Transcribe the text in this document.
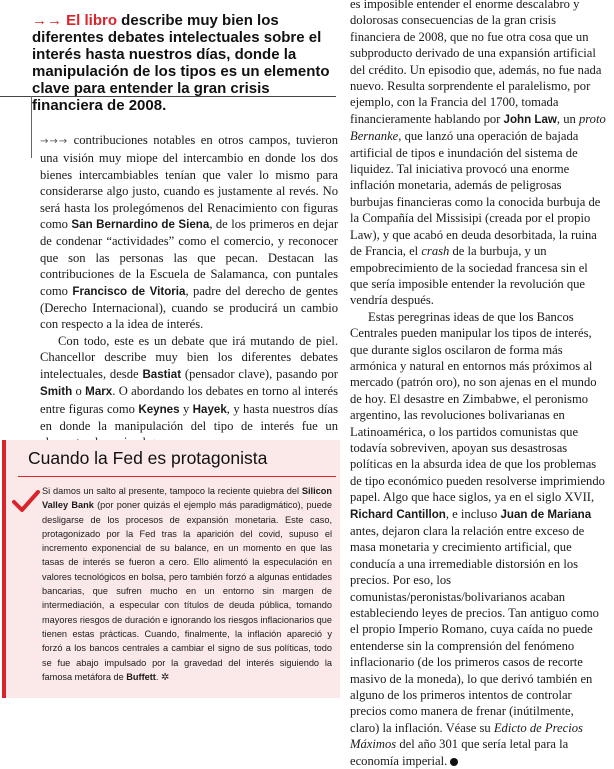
→→ El libro describe muy bien los diferentes debates intelectuales sobre el interés hasta nuestros días, donde la manipulación de los tipos es un elemento clave para entender la gran crisis financiera de 2008.

→→→ contribuciones notables en otros campos, tuvieron una visión muy miope del intercambio en donde los dos bienes intercambiables tenían que valer lo mismo para considerarse algo justo, cuando es justamente al revés. No será hasta los prolegómenos del Renacimiento con figuras como San Bernardino de Siena, de los primeros en dejar de condenar “actividades” como el comercio, y reconocer que son las personas las que pecan. Destacan las contribuciones de la Escuela de Salamanca, con puntales como Francisco de Vitoria, padre del derecho de gentes (Derecho Internacional), cuando se producirá un cambio con respecto a la idea de interés.

Con todo, este es un debate que irá mutando de piel. Chancellor describe muy bien los diferentes debates intelectuales, desde Bastiat (pensador clave), pasando por Smith o Marx. O abordando los debates en torno al interés entre figuras como Keynes y Hayek, y hasta nuestros días en donde la manipulación del tipo de interés fue un

Cuando la Fed es protagonista
Si damos un salto al presente, tampoco la reciente quiebra del Silicon Valley Bank (por poner quizás el ejemplo más paradigmático), puede desligarse de los procesos de expansión monetaria. Este caso, protagonizado por la Fed tras la aparición del covid, supuso el incremento exponencial de su balance, en un momento en que las tasas de interés se fueron a cero. Ello alimentó la especulación en valores tecnológicos en bolsa, pero también forzó a algunas entidades bancarias, que sufren mucho en un entorno sin margen de intermediación, a especular con títulos de deuda pública, tomando mayores riesgos de duración e ignorando los riesgos inflacionarios que tienen estas prácticas. Cuando, finalmente, la inflación apareció y forzó a los bancos centrales a cambiar el signo de sus políticas, todo se fue abajo impulsado por la gravedad del interés siguiendo la famosa metáfora de Buffett. ✲

es imposible entender el enorme descalabro y dolorosas consecuencias de la gran crisis financiera de 2008, que no fue otra cosa que un subproducto derivado de una expansión artificial del crédito. Un episodio que, además, no fue nada nuevo. Resulta sorprendente el paralelismo, por ejemplo, con la Francia del 1700, tomada financieramente hablando por John Law, un proto Bernanke, que lanzó una operación de bajada artificial de tipos e inundación del sistema de liquidez. Tal iniciativa provocó una enorme inflación monetaria, además de peligrosas burbujas financieras como la conocida burbuja de la Compañía del Missisipi (creada por el propio Law), y que acabó en deuda desorbitada, la ruina de Francia, el crash de la burbuja, y un empobrecimiento de la sociedad francesa sin el que sería imposible entender la revolución que vendría después.

Estas peregrinas ideas de que los Bancos Centrales pueden manipular los tipos de interés, que durante siglos oscilaron de forma más armónica y natural en entornos más próximos al mercado (patrón oro), no son ajenas en el mundo de hoy. El desastre en Zimbabwe, el peronismo argentino, las revoluciones bolivarianas en Latinoamérica, o los partidos comunistas que todavía sobreviven, apoyan sus desastrosas políticas en la absurda idea de que los problemas de tipo económico pueden resolverse imprimiendo papel. Algo que hace siglos, ya en el siglo XVII, Richard Cantillon, e incluso Juan de Mariana antes, dejaron clara la relación entre exceso de masa monetaria y crecimiento artificial, que conducía a una irremediable distorsión en los precios. Por eso, los comunistas/peronistas/bolivarianos acaban estableciendo leyes de precios. Tan antiguo como el propio Imperio Romano, cuya caída no puede entenderse sin la comprensión del fenómeno inflacionario (de los primeros casos de recorte masivo de la moneda), lo que derivó también en alguno de los primeros intentos de controlar precios como manera de frenar (inútilmente, claro) la inflación. Véase su Edicto de Precios Máximos del año 301 que sería letal para la economía imperial.
